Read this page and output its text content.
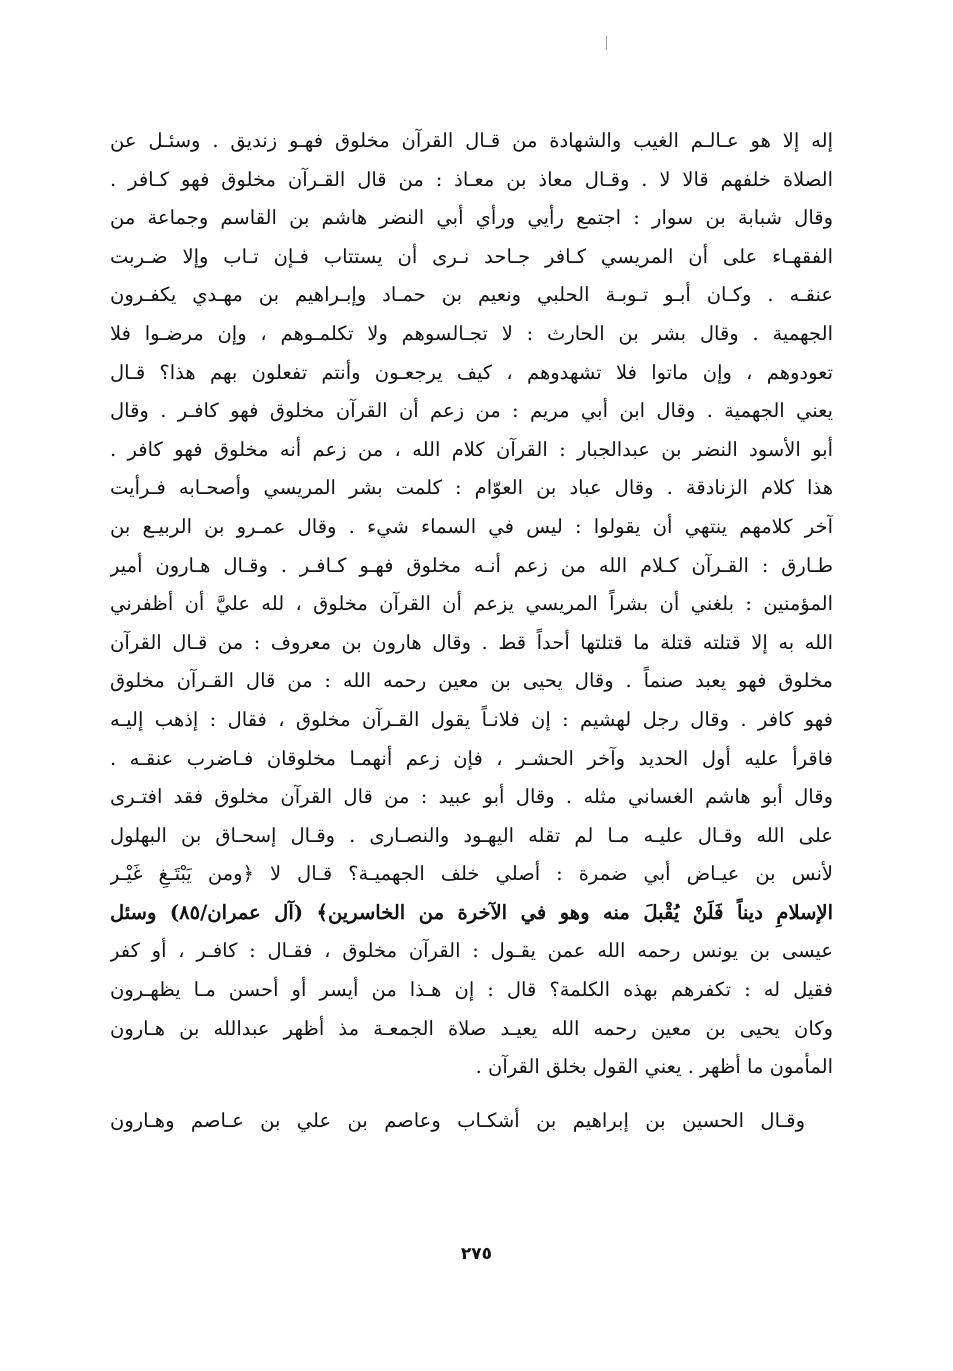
إله إلا هو عـالـم الغيب والشهادة من قـال القرآن مخلوق فهـو زنديق . وسئـل عن
الصلاة خلفهم قالا لا . وقـال معاذ بن معـاذ : من قال القـرآن مخلوق فهو كـافر .
وقال شبابة بن سوار : اجتمع رأيي ورأي أبي النضر هاشم بن القاسم وجماعة من
الفقهـاء على أن المريسي كـافر جـاحد نـرى أن يستتاب فـإن تـاب وإلا ضـربت
عنقـه . وكـان أبـو تـوبـة الحلبي ونعيم بن حمـاد وإبـراهيم بن مهـدي يكفـرون
الجهمية . وقال بشر بن الحارث : لا تجـالسوهم ولا تكلمـوهم ، وإن مرضـوا فلا
تعودوهم ، وإن ماتوا فلا تشهدوهم ، كيف يرجعـون وأنتم تفعلون بهم هذا؟ قـال
يعني الجهمية . وقال ابن أبي مريم : من زعم أن القرآن مخلوق فهو كافـر . وقال
أبو الأسود النضر بن عبدالجبار : القرآن كلام الله ، من زعم أنه مخلوق فهو كافر .
هذا كلام الزنادقة . وقال عباد بن العوّام : كلمت بشر المريسي وأصحـابه فـرأيت
آخر كلامهم ينتهي أن يقولوا : ليس في السماء شيء . وقال عمـرو بن الربيـع بن
طـارق : القـرآن كـلام الله من زعم أنـه مخلوق فهـو كـافـر . وقـال هـارون أمير
المؤمنين : بلغني أن بشراً المريسي يزعم أن القرآن مخلوق ، لله عليَّ أن أظفرني
الله به إلا قتلته قتلة ما قتلتها أحداً قط . وقال هارون بن معروف : من قـال القرآن
مخلوق فهو يعبد صنماً . وقال يحيى بن معين رحمه الله : من قال القـرآن مخلوق
فهو كافر . وقال رجل لهشيم : إن فلانـاً يقول القـرآن مخلوق ، فقال : إذهب إليـه
فاقرأ عليه أول الحديد وآخر الحشـر ، فإن زعم أنهمـا مخلوقان فـاضرب عنقـه .
وقال أبو هاشم الغساني مثله . وقال أبو عبيد : من قال القرآن مخلوق فقد افتـرى
على الله وقـال عليـه مـا لم تقله اليهـود والنصـارى . وقـال إسحـاق بن البهلول
لأنس بن عيـاض أبي ضمرة : أصلي خلف الجهميـة؟ قـال لا ﴿ومن يَبْتَـغِ غَيْـر
الإسلامِ ديناً فَلَنْ يُقْبلَ منه وهو في الآخرة من الخاسرين﴾ (آل عمران/٨٥) وسئل
عيسى بن يونس رحمه الله عمن يقـول : القرآن مخلوق ، فقـال : كافـر ، أو كفر
فقيل له : تكفرهم بهذه الكلمة؟ قال : إن هـذا من أيسر أو أحسن مـا يظهـرون
وكان يحيى بن معين رحمه الله يعيـد صلاة الجمعـة مذ أظهر عبدالله بن هـارون
المأمون ما أظهر . يعني القول بخلق القرآن .
وقـال الحسين بن إبراهيم بن أشكـاب وعاصم بن علي بن عـاصم وهـارون
٢٧٥
